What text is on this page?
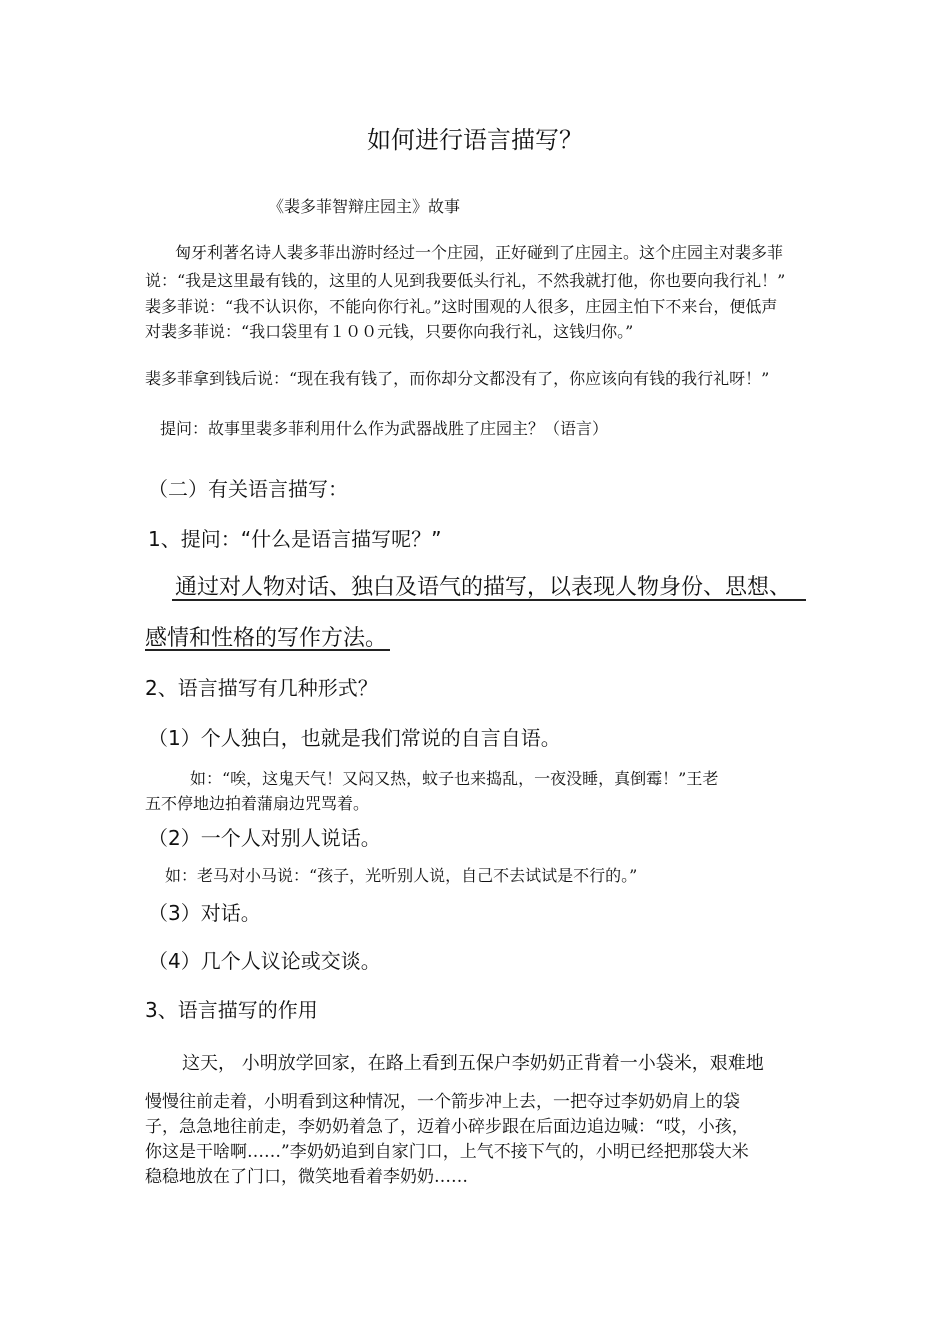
如何进行语言描写？
《裴多菲智辩庄园主》故事
匈牙利著名诗人裴多菲出游时经过一个庄园，正好碰到了庄园主。这个庄园主对裴多菲
说：“我是这里最有钱的，这里的人见到我要低头行礼，不然我就打他，你也要向我行礼！”
裴多菲说：“我不认识你，不能向你行礼。”这时围观的人很多，庄园主怕下不来台，便低声
对裴多菲说：“我口袋里有１００元钱，只要你向我行礼，这钱归你。”
裴多菲拿到钱后说：“现在我有钱了，而你却分文都没有了，你应该向有钱的我行礼呀！”
提问：故事里裴多菲利用什么作为武器战胜了庄园主？（语言）
（二）有关语言描写：
1、提问：“什么是语言描写呢？”
通过对人物对话、独白及语气的描写，以表现人物身份、思想、
感情和性格的写作方法。
2、语言描写有几种形式？
（1）个人独白，也就是我们常说的自言自语。
如：“唉，这鬼天气！又闷又热，蚊子也来捣乱，一夜没睡，真倒霉！”王老
五不停地边拍着蒲扇边咒骂着。
（2）一个人对别人说话。
如：老马对小马说：“孩子，光听别人说，自己不去试试是不行的。”
（3）对话。
（4）几个人议论或交谈。
3、语言描写的作用
这天， 小明放学回家，在路上看到五保户李奶奶正背着一小袋米，艰难地
慢慢往前走着，小明看到这种情况，一个箭步冲上去，一把夺过李奶奶肩上的袋
子，急急地往前走，李奶奶着急了，迈着小碎步跟在后面边追边喊：“哎，小孩，
你这是干啥啊……”李奶奶追到自家门口，上气不接下气的，小明已经把那袋大米
稳稳地放在了门口，微笑地看着李奶奶……
